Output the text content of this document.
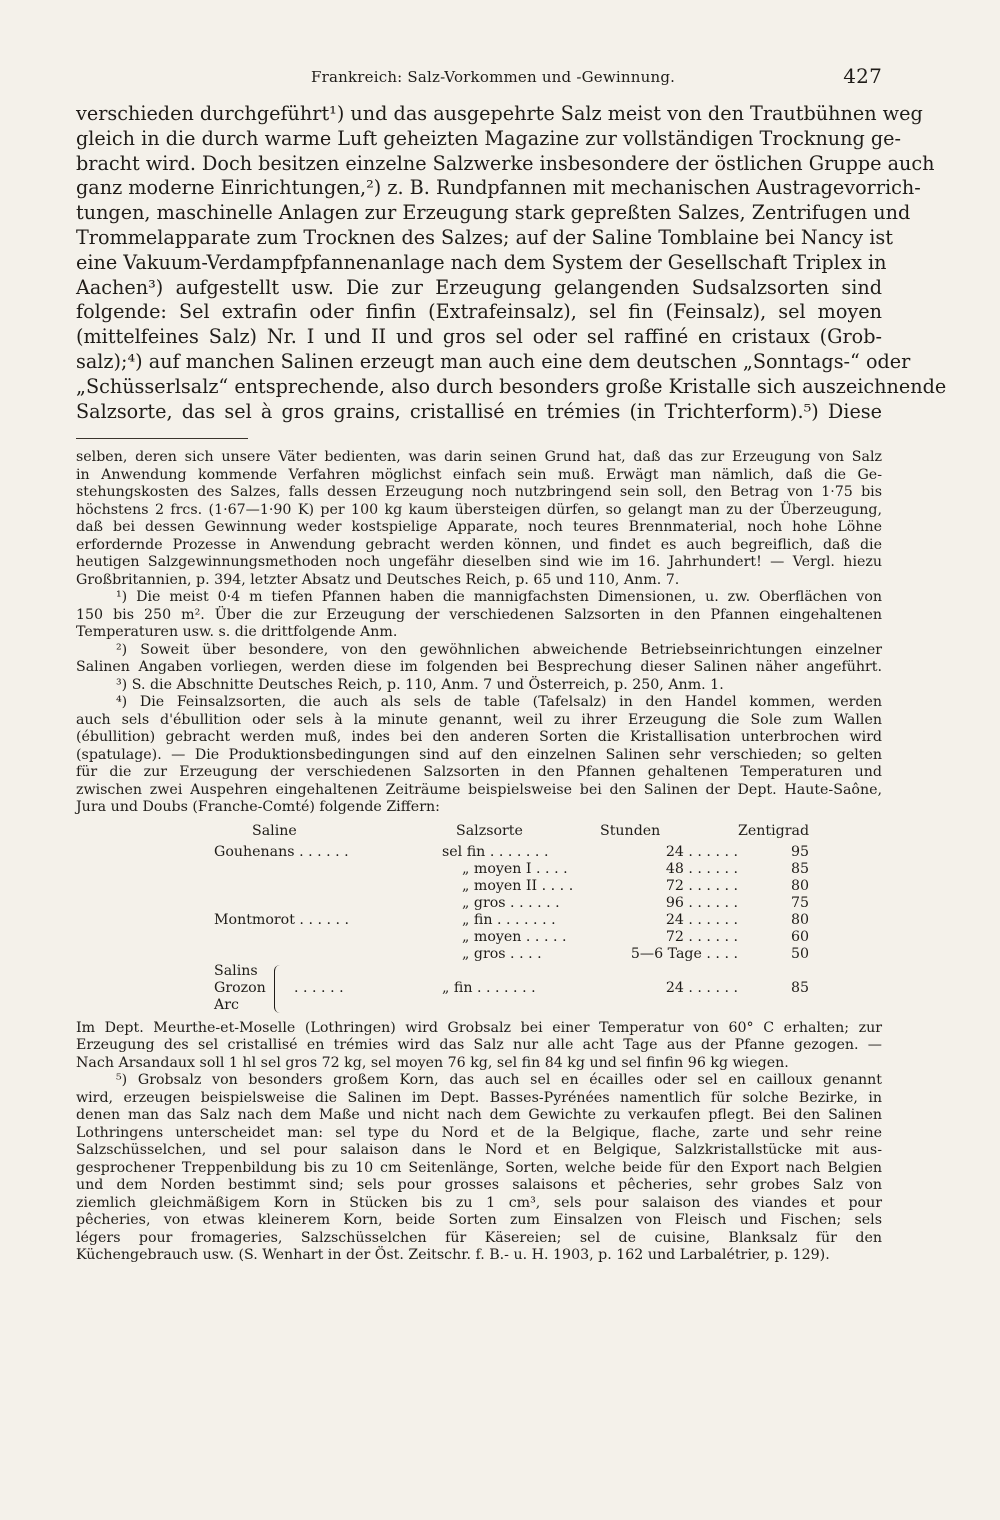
Frankreich: Salz-Vorkommen und -Gewinnung.	427
verschieden durchgeführt¹) und das ausgepehrte Salz meist von den Trautbühnen weg
gleich in die durch warme Luft geheizten Magazine zur vollständigen Trocknung ge-
bracht wird. Doch besitzen einzelne Salzwerke insbesondere der östlichen Gruppe auch
ganz moderne Einrichtungen,²) z. B. Rundpfannen mit mechanischen Austragevorrich-
tungen, maschinelle Anlagen zur Erzeugung stark gepreßten Salzes, Zentrifugen und
Trommelapparate zum Trocknen des Salzes; auf der Saline Tomblaine bei Nancy ist
eine Vakuum-Verdampfpfannenanlage nach dem System der Gesellschaft Triplex in
Aachen³) aufgestellt usw. Die zur Erzeugung gelangenden Sudsalzsorten sind
folgende: Sel extrafin oder finfin (Extrafeinsalz), sel fin (Feinsalz), sel moyen
(mittelfeines Salz) Nr. I und II und gros sel oder sel raffiné en cristaux (Grob-
salz);⁴) auf manchen Salinen erzeugt man auch eine dem deutschen „Sonntags-“ oder
„Schüsserlsalz“ entsprechende, also durch besonders große Kristalle sich auszeichnende
Salzsorte, das sel à gros grains, cristallisé en trémies (in Trichterform).⁵) Diese
selben, deren sich unsere Väter bedienten, was darin seinen Grund hat, daß das zur Erzeugung von Salz
in Anwendung kommende Verfahren möglichst einfach sein muß. Erwägt man nämlich, daß die Ge-
stehungskosten des Salzes, falls dessen Erzeugung noch nutzbringend sein soll, den Betrag von 1·75 bis
höchstens 2 frcs. (1·67—1·90 K) per 100 kg kaum übersteigen dürfen, so gelangt man zu der Überzeugung,
daß bei dessen Gewinnung weder kostspielige Apparate, noch teures Brennmaterial, noch hohe Löhne
erfordernde Prozesse in Anwendung gebracht werden können, und findet es auch begreiflich, daß die
heutigen Salzgewinnungsmethoden noch ungefähr dieselben sind wie im 16. Jahrhundert! — Vergl. hiezu
Großbritannien, p. 394, letzter Absatz und Deutsches Reich, p. 65 und 110, Anm. 7.
¹) Die meist 0·4 m tiefen Pfannen haben die mannigfachsten Dimensionen, u. zw. Oberflächen von
150 bis 250 m². Über die zur Erzeugung der verschiedenen Salzsorten in den Pfannen eingehaltenen
Temperaturen usw. s. die drittfolgende Anm.
²) Soweit über besondere, von den gewöhnlichen abweichende Betriebseinrichtungen einzelner
Salinen Angaben vorliegen, werden diese im folgenden bei Besprechung dieser Salinen näher angeführt.
³) S. die Abschnitte Deutsches Reich, p. 110, Anm. 7 und Österreich, p. 250, Anm. 1.
⁴) Die Feinsalzsorten, die auch als sels de table (Tafelsalz) in den Handel kommen, werden
auch sels d'ébullition oder sels à la minute genannt, weil zu ihrer Erzeugung die Sole zum Wallen
(ébullition) gebracht werden muß, indes bei den anderen Sorten die Kristallisation unterbrochen wird
(spatulage). — Die Produktionsbedingungen sind auf den einzelnen Salinen sehr verschieden; so gelten
für die zur Erzeugung der verschiedenen Salzsorten in den Pfannen gehaltenen Temperaturen und
zwischen zwei Auspehren eingehaltenen Zeiträume beispielsweise bei den Salinen der Dept. Haute-Saône,
Jura und Doubs (Franche-Comté) folgende Ziffern:
Saline	Salzsorte	Stunden	Zentigrad
Gouhenans . . . . . .	sel fin . . . . . . .	24 . . . . . .	95
	„ moyen I . . . .	48 . . . . . .	85
	„ moyen II . . . .	72 . . . . . .	80
	„ gros . . . . . .	96 . . . . . .	75
Montmorot . . . . . .	„ fin . . . . . . .	24 . . . . . .	80
	„ moyen . . . . .	72 . . . . . .	60
	„ gros . . . .	5—6 Tage . . . .	50

Salins
Grozon
Arc
. . . . . .	„ fin . . . . . . .	24 . . . . . .	85
Im Dept. Meurthe-et-Moselle (Lothringen) wird Grobsalz bei einer Temperatur von 60° C erhalten; zur
Erzeugung des sel cristallisé en trémies wird das Salz nur alle acht Tage aus der Pfanne gezogen. —
Nach Arsandaux soll 1 hl sel gros 72 kg, sel moyen 76 kg, sel fin 84 kg und sel finfin 96 kg wiegen.
⁵) Grobsalz von besonders großem Korn, das auch sel en écailles oder sel en cailloux genannt
wird, erzeugen beispielsweise die Salinen im Dept. Basses-Pyrénées namentlich für solche Bezirke, in
denen man das Salz nach dem Maße und nicht nach dem Gewichte zu verkaufen pflegt. Bei den Salinen
Lothringens unterscheidet man: sel type du Nord et de la Belgique, flache, zarte und sehr reine
Salzschüsselchen, und sel pour salaison dans le Nord et en Belgique, Salzkristallstücke mit aus-
gesprochener Treppenbildung bis zu 10 cm Seitenlänge, Sorten, welche beide für den Export nach Belgien
und dem Norden bestimmt sind; sels pour grosses salaisons et pêcheries, sehr grobes Salz von
ziemlich gleichmäßigem Korn in Stücken bis zu 1 cm³, sels pour salaison des viandes et pour
pêcheries, von etwas kleinerem Korn, beide Sorten zum Einsalzen von Fleisch und Fischen; sels
légers pour fromageries, Salzschüsselchen für Käsereien; sel de cuisine, Blanksalz für den
Küchengebrauch usw. (S. Wenhart in der Öst. Zeitschr. f. B.- u. H. 1903, p. 162 und Larbalétrier, p. 129).
